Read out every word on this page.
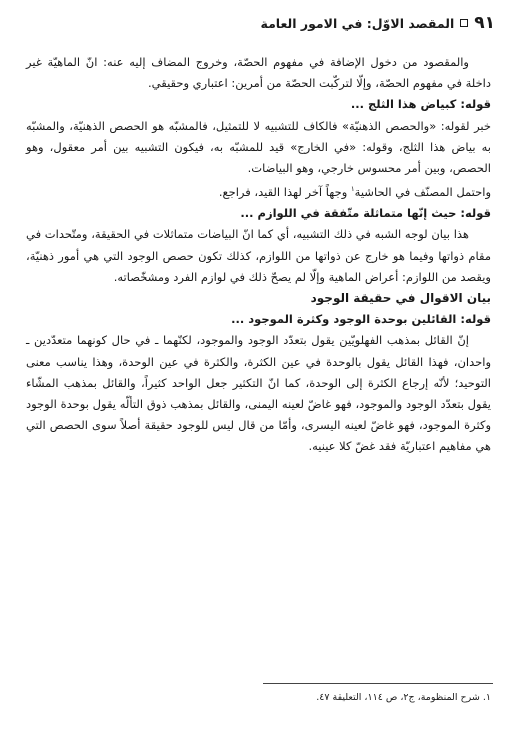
٩١
المقصد الاوّل: في الامور العامة

والمقصود من دخول الإضافة في مفهوم الحصّة، وخروج المضاف إليه عنه: انّ الماهيّة غير داخلة في مفهوم الحصّة، وإلّا لتركّبت الحصّة من أمرين: اعتباري وحقيقي.

قوله: كبياض هذا الثلج ...

خبر لقوله: «والحصص الذهنيّة» فالكاف للتشبيه لا للتمثيل، فالمشبّه هو الحصص الذهنيّة، والمشبّه به بياض هذا الثلج، وقوله: «في الخارج» قيد للمشبّه به، فيكون التشبيه بين أمر معقول، وهو الحصص، وبين أمر محسوس خارجي، وهو البياضات.

واحتمل المصنّف في الحاشية$^١$ وجهاً آخر لهذا القيد، فراجع.

قوله: حيث إنّها متماثلة متّفقة في اللوازم ...

هذا بيان لوجه الشبه في ذلك التشبيه، أي كما انّ البياضات متماثلات في الحقيقة، ومتّحدات في مقام ذواتها وفيما هو خارج عن ذواتها من اللوازم، كذلك تكون حصص الوجود التي هي أمور ذهنيّة، ويقصد من اللوازم: أعراض الماهية وإلّا لم يصحّ ذلك في لوازم الفرد ومشخّصاته.

بيان الاقوال في حقيقة الوجود

قوله: القائلين بوحدة الوجود وكثرة الموجود ...

إنّ القائل بمذهب الفهلويّين يقول بتعدّد الوجود والموجود، لكنّهما ـ في حال كونهما متعدّدين ـ واحدان، فهذا القائل يقول بالوحدة في عين الكثرة، والكثرة في عين الوحدة، وهذا يناسب معنى التوحيد؛ لأنّه إرجاع الكثرة إلى الوحدة، كما انّ التكثير جعل الواحد كثيراً، والقائل بمذهب المشّاء يقول بتعدّد الوجود والموجود، فهو غاضّ لعينه اليمنى، والقائل بمذهب ذوق التألّه يقول بوحدة الوجود وكثرة الموجود، فهو غاضّ لعينه اليسرى، وأمّا من قال ليس للوجود حقيقة أصلاً سوى الحصص التي هي مفاهيم اعتباريّة فقد غضّ كلا عينيه.

١. شرح المنظومة، ج٢، ص ١١٤، التعليقة ٤٧.
